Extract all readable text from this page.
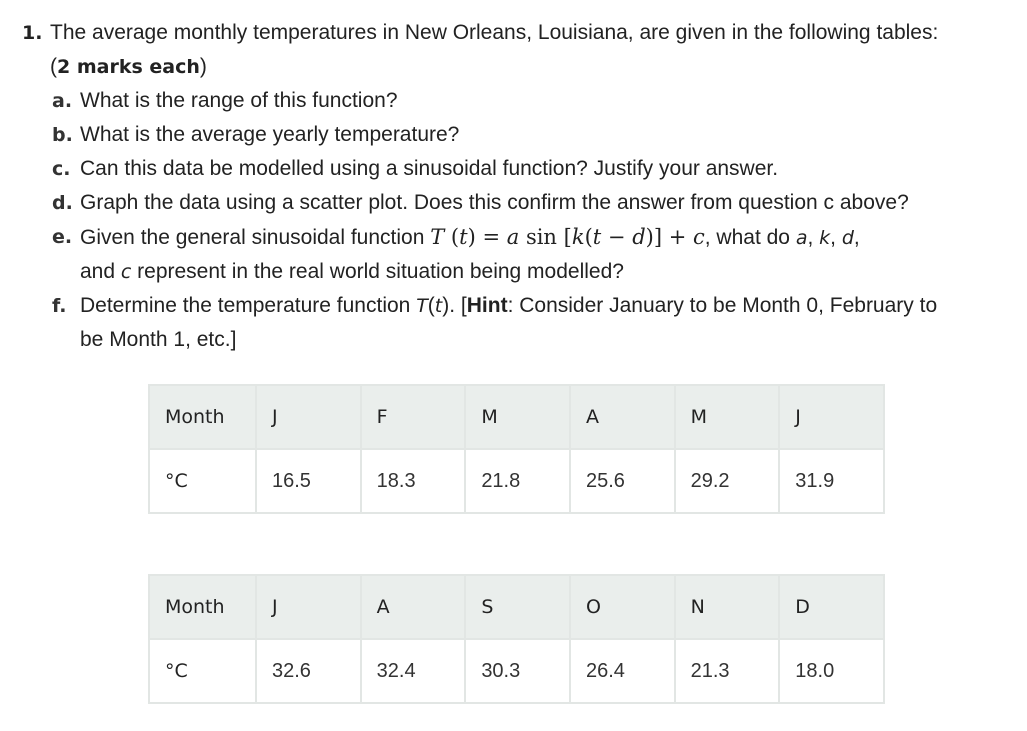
1. The average monthly temperatures in New Orleans, Louisiana, are given in the following tables:
(2 marks each)
a. What is the range of this function?
b. What is the average yearly temperature?
c. Can this data be modelled using a sinusoidal function? Justify your answer.
d. Graph the data using a scatter plot. Does this confirm the answer from question c above?
e. Given the general sinusoidal function T (t) = a sin [k(t − d)] + c, what do a, k, d,
and c represent in the real world situation being modelled?
f. Determine the temperature function T(t). [Hint: Consider January to be Month 0, February to
be Month 1, etc.]
Month	J	F	M	A	M	J
°C	16.5	18.3	21.8	25.6	29.2	31.9
Month	J	A	S	O	N	D
°C	32.6	32.4	30.3	26.4	21.3	18.0
